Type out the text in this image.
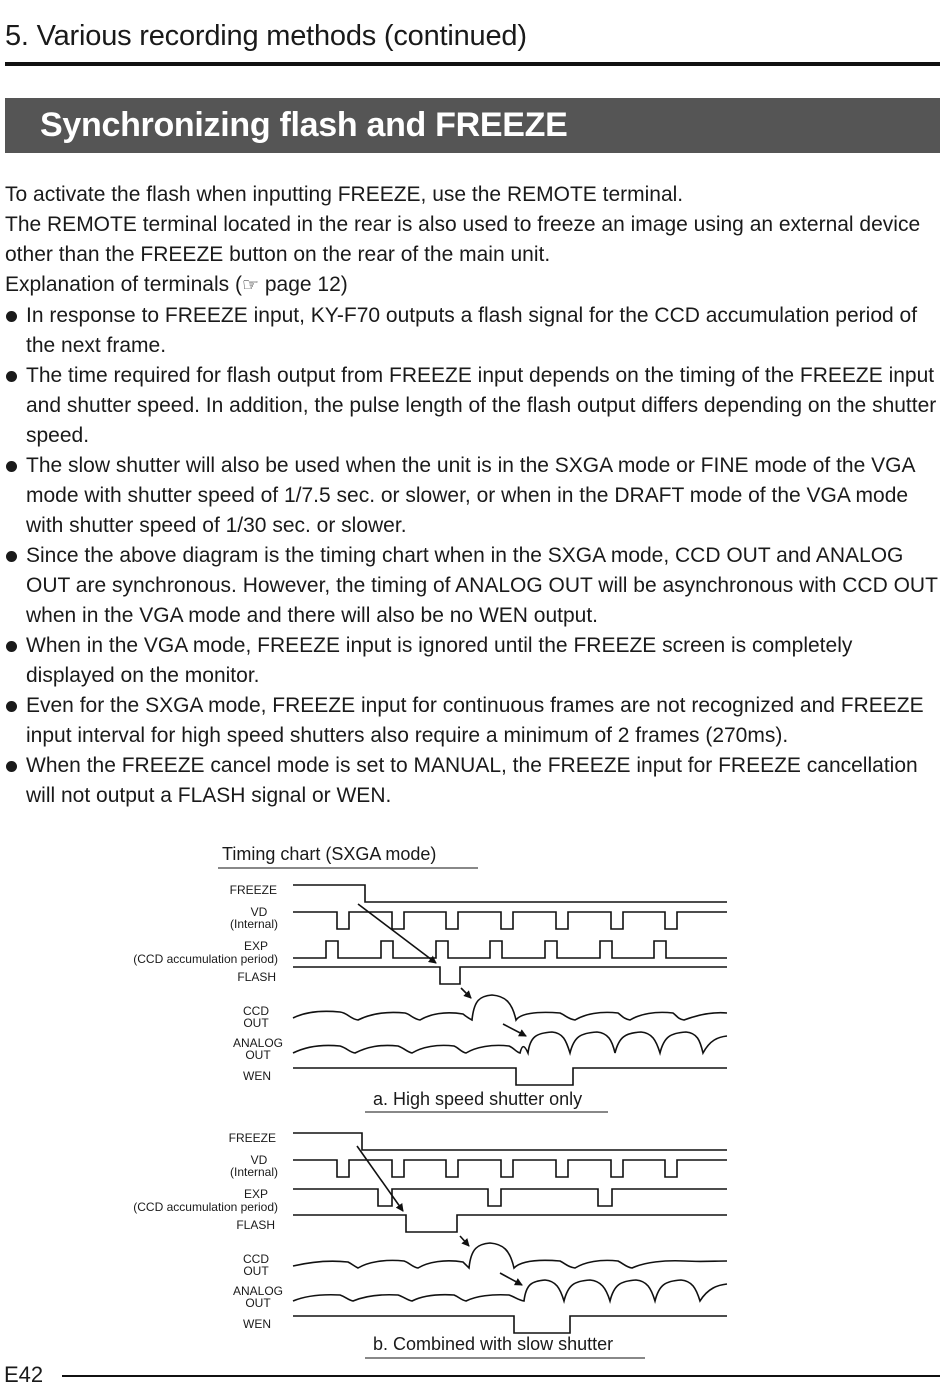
5. Various recording methods (continued)
Synchronizing flash and FREEZE

To activate the flash when inputting FREEZE, use the REMOTE terminal.

The REMOTE terminal located in the rear is also used to freeze an image using an external device other than the FREEZE button on the rear of the main unit.

Explanation of terminals (☞ page 12)

In response to FREEZE input, KY-F70 outputs a flash signal for the CCD accumulation period of the next frame.
The time required for flash output from FREEZE input depends on the timing of the FREEZE input and shutter speed. In addition, the pulse length of the flash output differs depending on the shutter speed.
The slow shutter will also be used when the unit is in the SXGA mode or FINE mode of the VGA mode with shutter speed of 1/7.5 sec. or slower, or when in the DRAFT mode of the VGA mode with shutter speed of 1/30 sec. or slower.
Since the above diagram is the timing chart when in the SXGA mode, CCD OUT and ANALOG OUT are synchronous. However, the timing of ANALOG OUT will be asynchronous with CCD OUT when in the VGA mode and there will also be no WEN output.
When in the VGA mode, FREEZE input is ignored until the FREEZE screen is completely displayed on the monitor.
Even for the SXGA mode, FREEZE input for continuous frames are not recognized and FREEZE input interval for high speed shutters also require a minimum of 2 frames (270ms).
When the FREEZE cancel mode is set to MANUAL, the FREEZE input for FREEZE cancellation will not output a FLASH signal or WEN.
Timing chart (SXGA mode)
FREEZE
VD
(Internal)
EXP
(CCD accumulation period)
FLASH
CCD
OUT
ANALOG
OUT
WEN
a. High speed shutter only
FREEZE
VD
(Internal)
EXP
(CCD accumulation period)
FLASH
CCD
OUT
ANALOG
OUT
WEN
b. Combined with slow shutter
E42
